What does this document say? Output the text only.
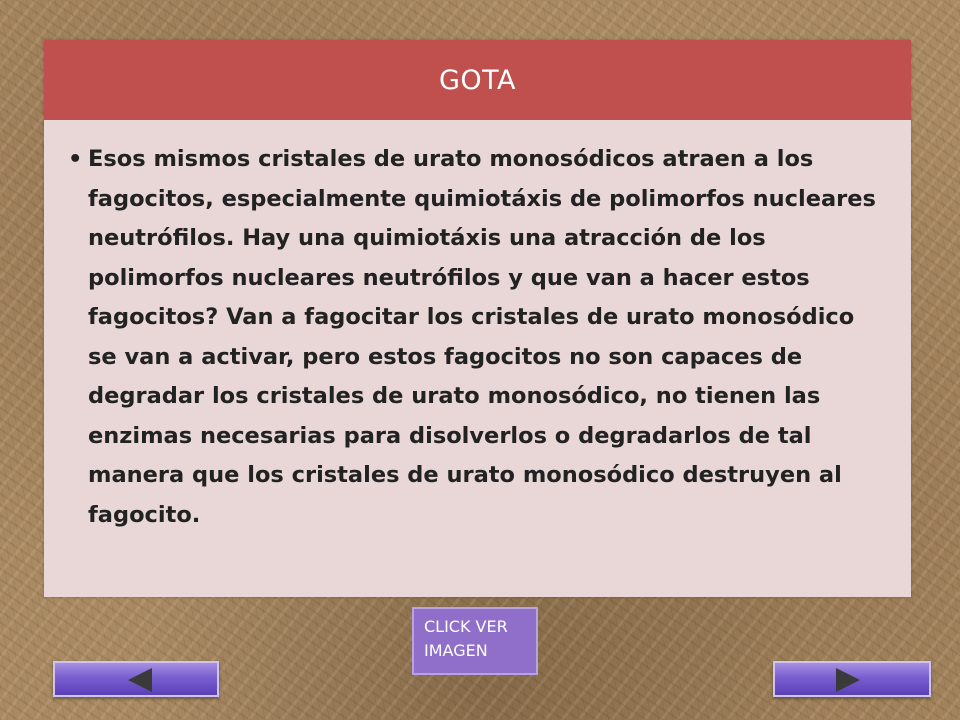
GOTA
• Esos mismos cristales de urato monosódicos atraen a los fagocitos, especialmente quimiotáxis de polimorfos nucleares neutrófilos. Hay una quimiotáxis una atracción de los polimorfos nucleares neutrófilos y que van a hacer estos fagocitos? Van a fagocitar los cristales de urato monosódico se van a activar, pero estos fagocitos no son capaces de degradar los cristales de urato monosódico, no tienen las enzimas necesarias para disolverlos o degradarlos de tal manera que los cristales de urato monosódico destruyen al fagocito.
CLICK VER
IMAGEN
